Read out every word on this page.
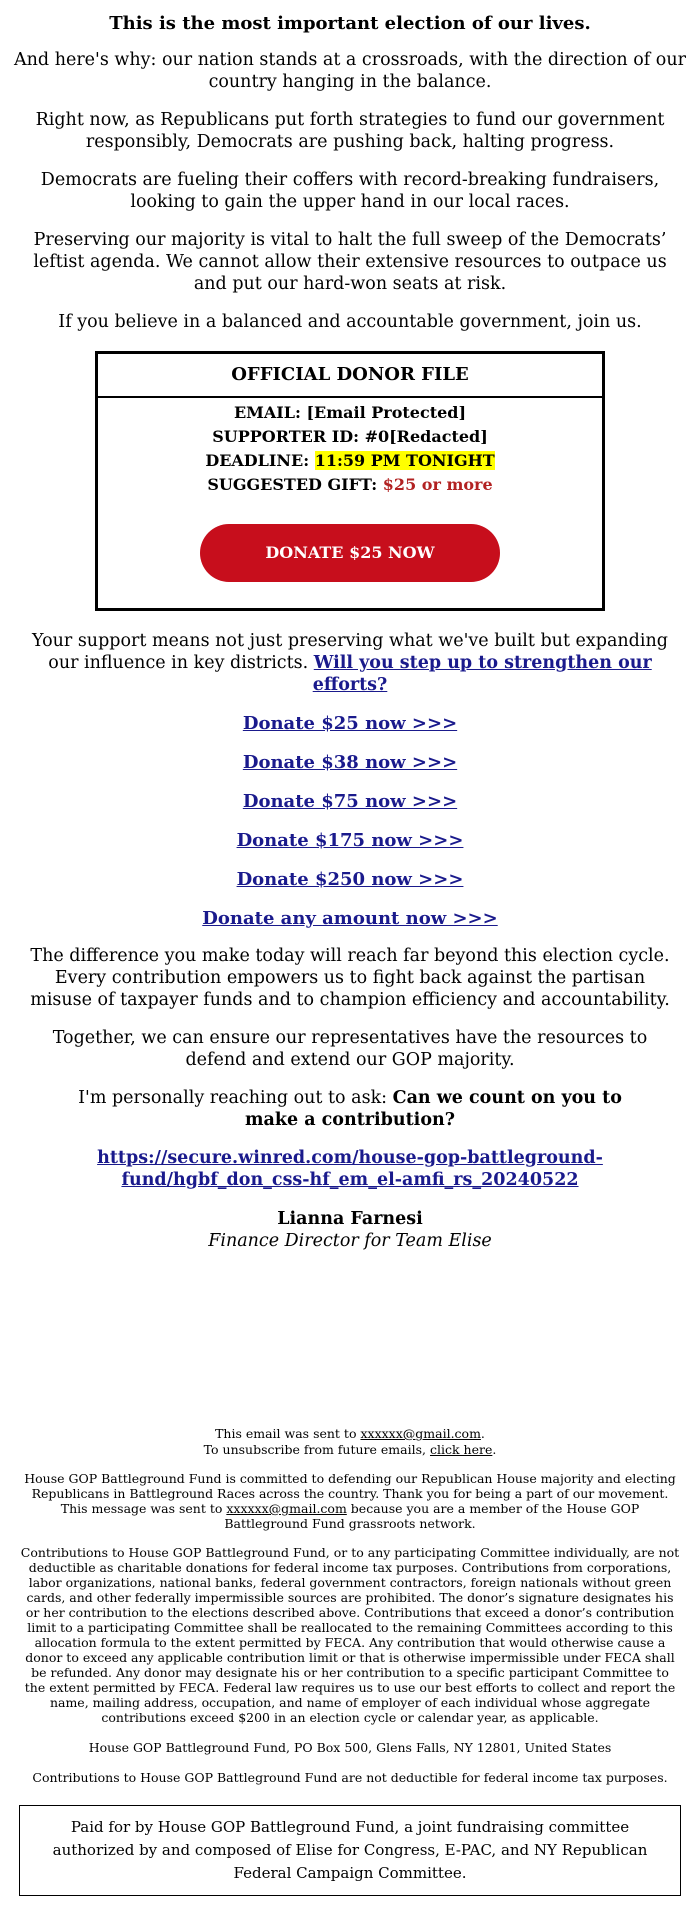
This is the most important election of our lives.

And here's why: our nation stands at a crossroads, with the direction of our country hanging in the balance.

Right now, as Republicans put forth strategies to fund our government responsibly, Democrats are pushing back, halting progress.

Democrats are fueling their coffers with record-breaking fundraisers, looking to gain the upper hand in our local races.

Preserving our majority is vital to halt the full sweep of the Democrats’ leftist agenda. We cannot allow their extensive resources to outpace us and put our hard-won seats at risk.

If you believe in a balanced and accountable government, join us.

OFFICIAL DONOR FILE
EMAIL: [Email Protected]
SUPPORTER ID: #0[Redacted]
DEADLINE: 11:59 PM TONIGHT
SUGGESTED GIFT: $25 or more
DONATE $25 NOW

Your support means not just preserving what we've built but expanding our influence in key districts. Will you step up to strengthen our efforts?

Donate $25 now >>>

Donate $38 now >>>

Donate $75 now >>>

Donate $175 now >>>

Donate $250 now >>>

Donate any amount now >>>

The difference you make today will reach far beyond this election cycle. Every contribution empowers us to fight back against the partisan misuse of taxpayer funds and to champion efficiency and accountability.

Together, we can ensure our representatives have the resources to defend and extend our GOP majority.

I'm personally reaching out to ask: Can we count on you to make a contribution?

https://secure.winred.com/house-gop-battleground-
fund/hgbf_don_css-hf_em_el-amfi_rs_20240522

Lianna Farnesi
Finance Director for Team Elise

This email was sent to xxxxxx@gmail.com.

To unsubscribe from future emails, click here.

House GOP Battleground Fund is committed to defending our Republican House majority and electing Republicans in Battleground Races across the country. Thank you for being a part of our movement. This message was sent to xxxxxx@gmail.com because you are a member of the House GOP Battleground Fund grassroots network.

Contributions to House GOP Battleground Fund, or to any participating Committee individually, are not deductible as charitable donations for federal income tax purposes. Contributions from corporations, labor organizations, national banks, federal government contractors, foreign nationals without green cards, and other federally impermissible sources are prohibited. The donor’s signature designates his or her contribution to the elections described above. Contributions that exceed a donor’s contribution limit to a participating Committee shall be reallocated to the remaining Committees according to this allocation formula to the extent permitted by FECA. Any contribution that would otherwise cause a donor to exceed any applicable contribution limit or that is otherwise impermissible under FECA shall be refunded. Any donor may designate his or her contribution to a specific participant Committee to the extent permitted by FECA. Federal law requires us to use our best efforts to collect and report the name, mailing address, occupation, and name of employer of each individual whose aggregate contributions exceed $200 in an election cycle or calendar year, as applicable.

House GOP Battleground Fund, PO Box 500, Glens Falls, NY 12801, United States

Contributions to House GOP Battleground Fund are not deductible for federal income tax purposes.

Paid for by House GOP Battleground Fund, a joint fundraising committee authorized by and composed of Elise for Congress, E-PAC, and NY Republican Federal Campaign Committee.
